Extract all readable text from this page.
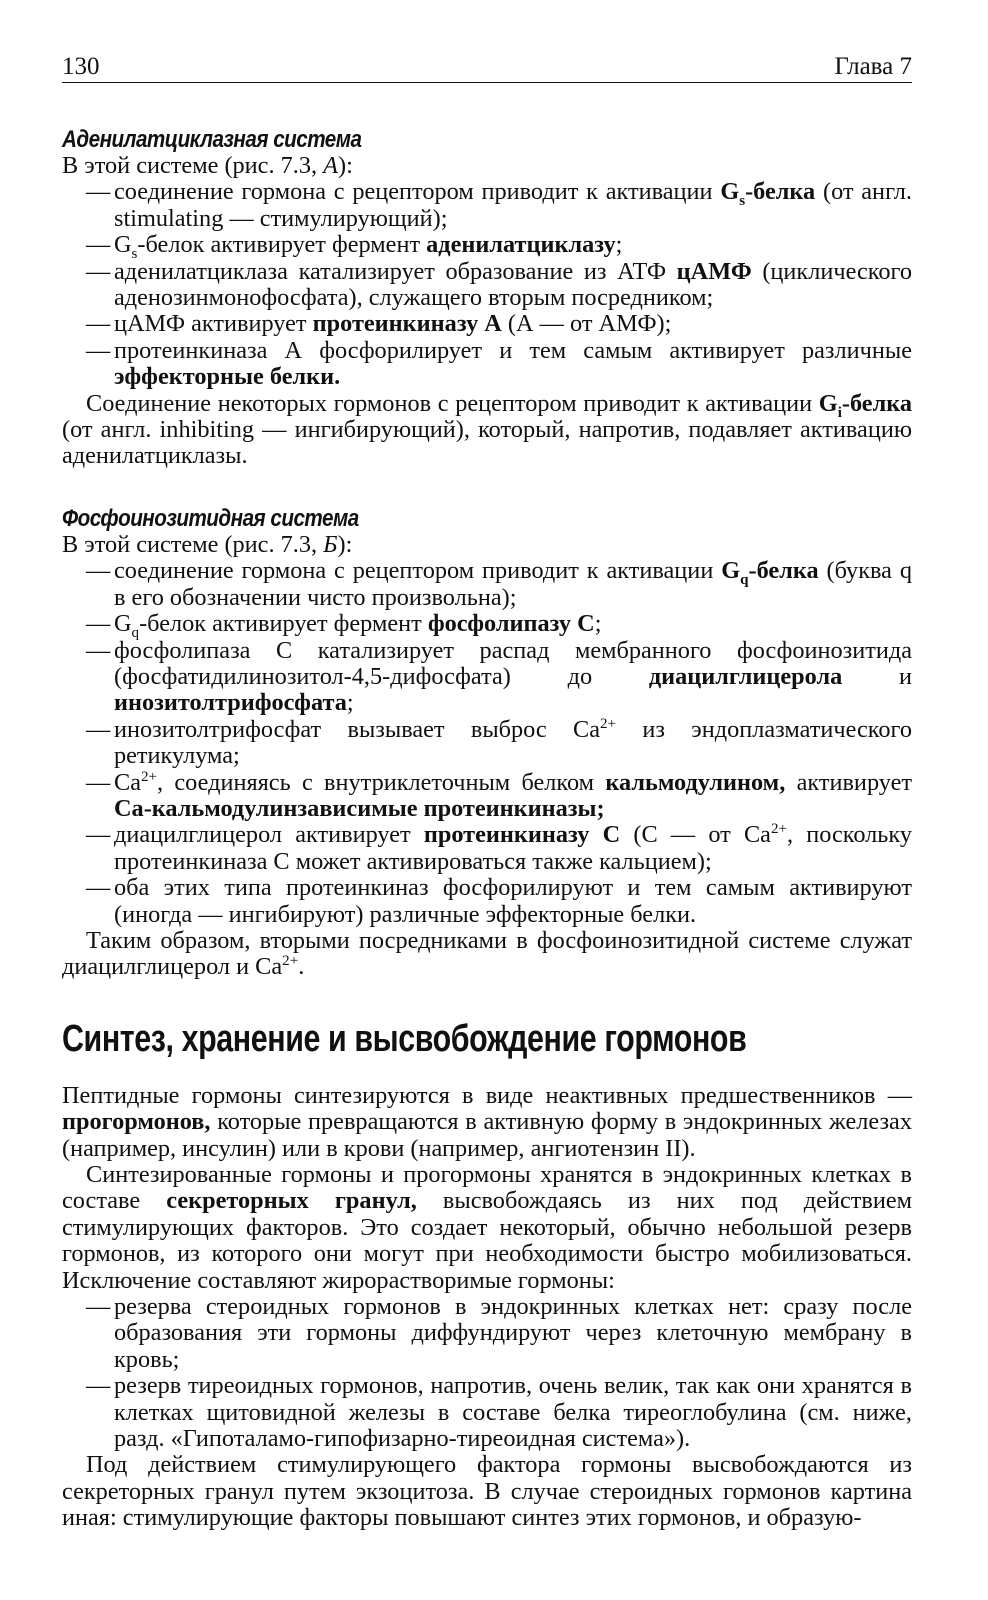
130	Глава 7
Аденилатциклазная система

В этой системе (рис. 7.3, А):

— соединение гормона с рецептором приводит к активации $G_s$-белка (от англ. stimulating — стимулирующий);
— $G_s$-белок активирует фермент аденилатциклазу;
— аденилатциклаза катализирует образование из АТФ цАМФ (циклического аденозинмонофосфата), служащего вторым посредником;
— цАМФ активирует протеинкиназу А (А — от АМФ);
— протеинкиназа А фосфорилирует и тем самым активирует различные эффекторные белки.

Соединение некоторых гормонов с рецептором приводит к активации $G_i$-белка (от англ. inhibiting — ингибирующий), который, напротив, подавляет активацию аденилатциклазы.

Фосфоинозитидная система

В этой системе (рис. 7.3, Б):

— соединение гормона с рецептором приводит к активации $G_q$-белка (буква q в его обозначении чисто произвольна);
— $G_q$-белок активирует фермент фосфолипазу С;
— фосфолипаза С катализирует распад мембранного фосфоинозитида (фосфатидилинозитол-4,5-дифосфата) до диацилглицерола и инозитолтрифосфата;
— инозитолтрифосфат вызывает выброс $Са^{2+}$ из эндоплазматического ретикулума;
— $Са^{2+}$, соединяясь с внутриклеточным белком кальмодулином, активирует Са-кальмодулинзависимые протеинкиназы;
— диацилглицерол активирует протеинкиназу С (С — от $Са^{2+}$, поскольку протеинкиназа С может активироваться также кальцием);
— оба этих типа протеинкиназ фосфорилируют и тем самым активируют (иногда — ингибируют) различные эффекторные белки.

Таким образом, вторыми посредниками в фосфоинозитидной системе служат диацилглицерол и $Са^{2+}$.

Синтез, хранение и высвобождение гормонов

Пептидные гормоны синтезируются в виде неактивных предшественников — прогормонов, которые превращаются в активную форму в эндокринных железах (например, инсулин) или в крови (например, ангиотензин II).

Синтезированные гормоны и прогормоны хранятся в эндокринных клетках в составе секреторных гранул, высвобождаясь из них под действием стимулирующих факторов. Это создает некоторый, обычно небольшой резерв гормонов, из которого они могут при необходимости быстро мобилизоваться. Исключение составляют жирорастворимые гормоны:

— резерва стероидных гормонов в эндокринных клетках нет: сразу после образования эти гормоны диффундируют через клеточную мембрану в кровь;
— резерв тиреоидных гормонов, напротив, очень велик, так как они хранятся в клетках щитовидной железы в составе белка тиреоглобулина (см. ниже, разд. «Гипоталамо-гипофизарно-тиреоидная система»).

Под действием стимулирующего фактора гормоны высвобождаются из секреторных гранул путем экзоцитоза. В случае стероидных гормонов картина иная: стимулирующие факторы повышают синтез этих гормонов, и образую-
